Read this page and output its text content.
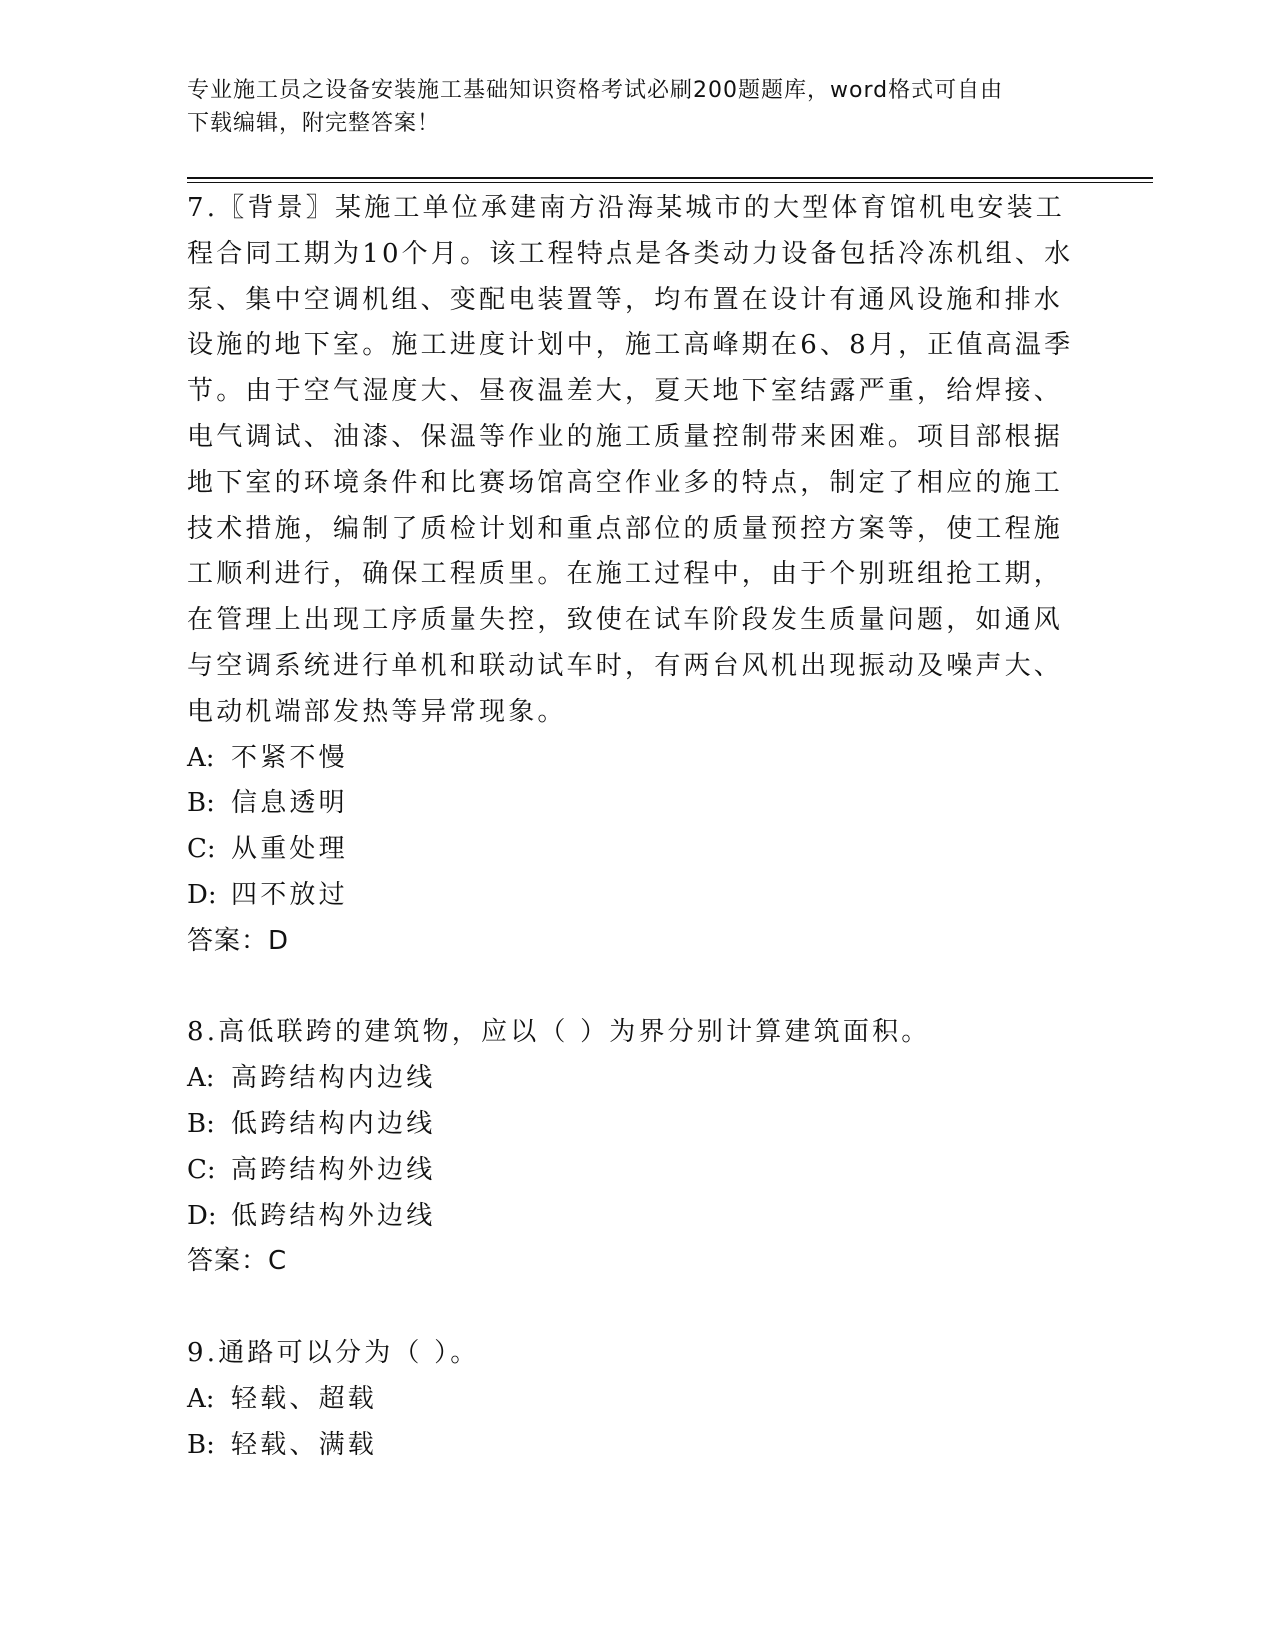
专业施工员之设备安装施工基础知识资格考试必刷200题题库，word格式可自由
下载编辑，附完整答案！

7.〖背景〗某施工单位承建南方沿海某城市的大型体育馆机电安装工

程合同工期为10个月。该工程特点是各类动力设备包括冷冻机组、水

泵、集中空调机组、变配电装置等，均布置在设计有通风设施和排水

设施的地下室。施工进度计划中，施工高峰期在6、8月，正值高温季

节。由于空气湿度大、昼夜温差大，夏天地下室结露严重，给焊接、

电气调试、油漆、保温等作业的施工质量控制带来困难。项目部根据

地下室的环境条件和比赛场馆高空作业多的特点，制定了相应的施工

技术措施，编制了质检计划和重点部位的质量预控方案等，使工程施

工顺利进行，确保工程质里。在施工过程中，由于个别班组抢工期，

在管理上出现工序质量失控，致使在试车阶段发生质量问题，如通风

与空调系统进行单机和联动试车时，有两台风机出现振动及噪声大、

电动机端部发热等异常现象。

A: 不紧不慢

B: 信息透明

C: 从重处理

D: 四不放过

答案：D

8.高低联跨的建筑物，应以（ ）为界分别计算建筑面积。

A: 高跨结构内边线

B: 低跨结构内边线

C: 高跨结构外边线

D: 低跨结构外边线

答案：C

9.通路可以分为（ ）。

A: 轻载、超载

B: 轻载、满载
